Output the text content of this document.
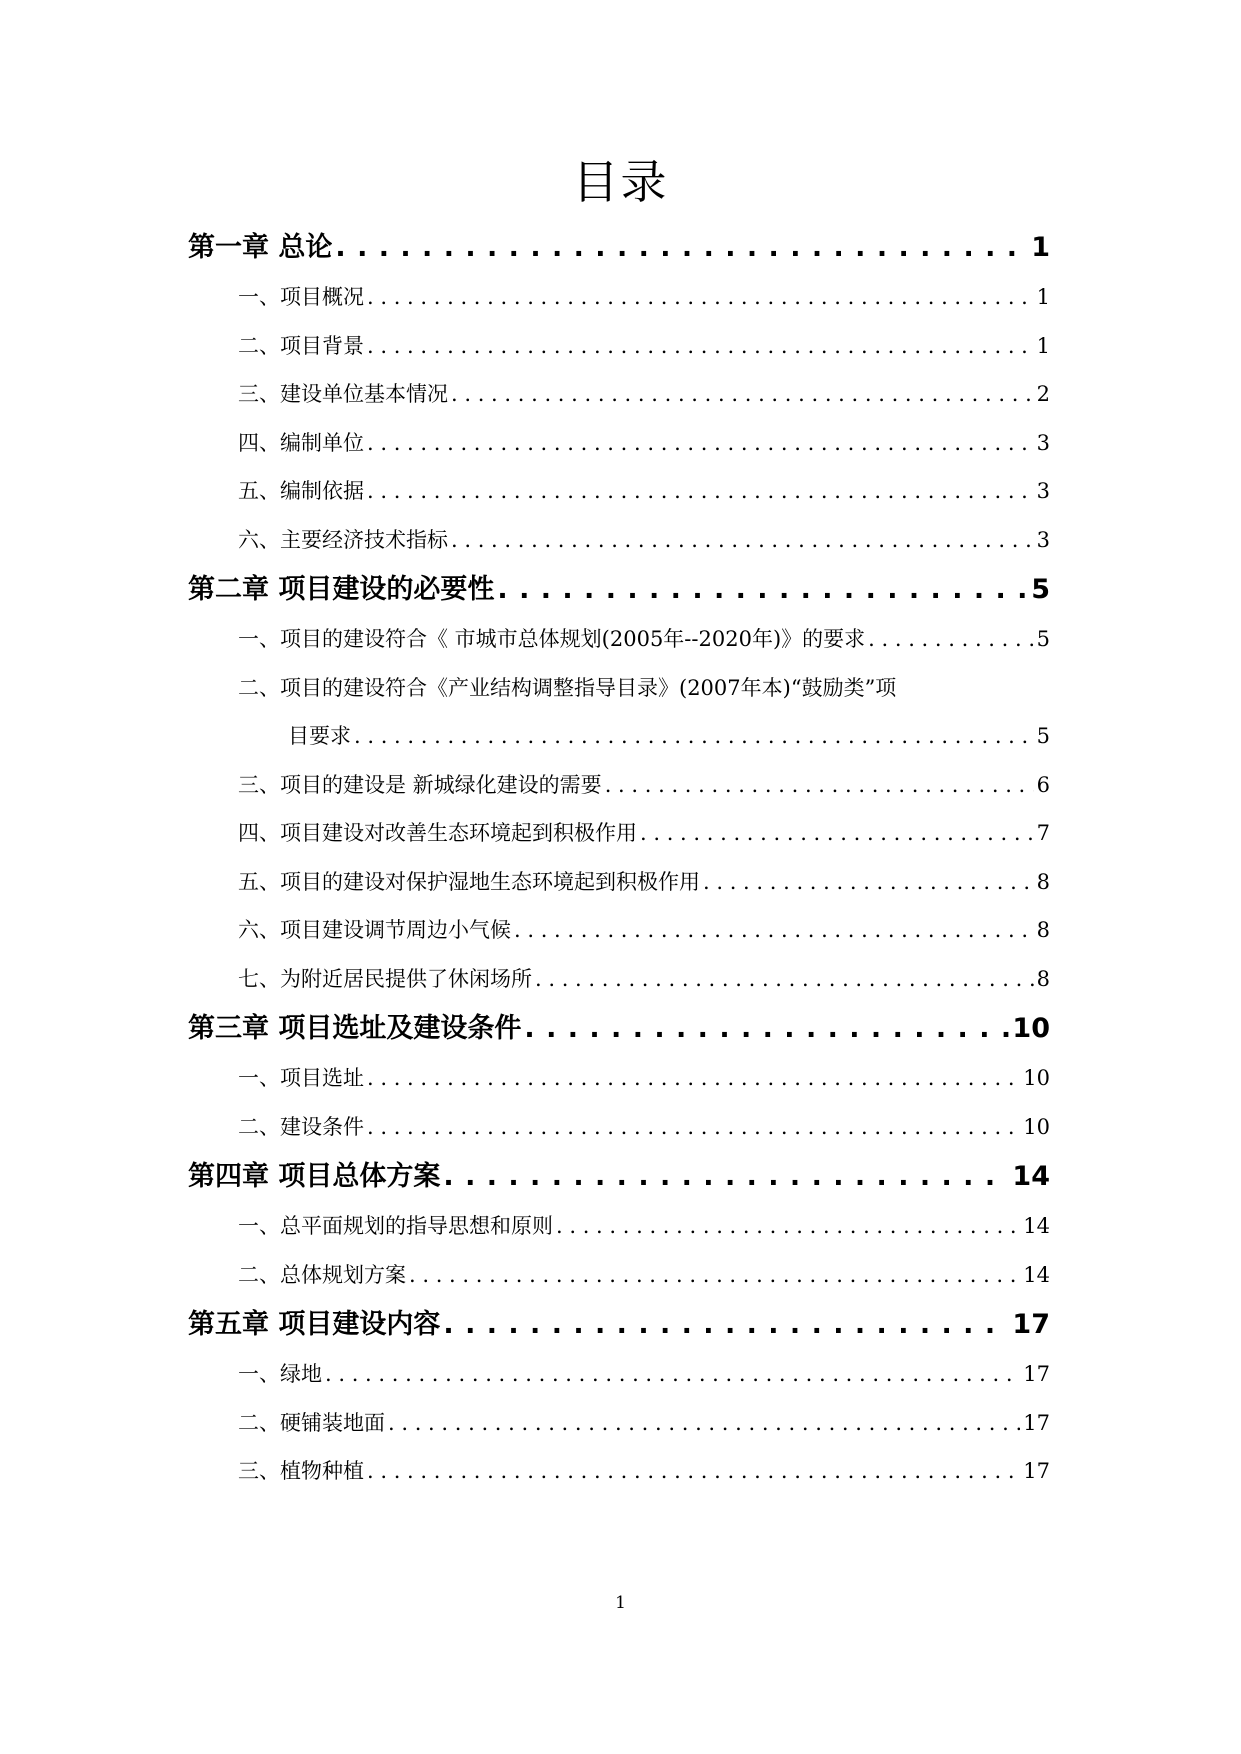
目录
第一章 总论 . . .	1
一、项目概况 . . .	1
二、项目背景 . . .	1
三、建设单位基本情况 . . .	2
四、编制单位 . . .	3
五、编制依据 . . .	3
六、主要经济技术指标 . . .	3
第二章 项目建设的必要性 . . .	5
一、项目的建设符合《 市城市总体规划(2005年--2020年)》的要求 . . .	5
二、项目的建设符合《产业结构调整指导目录》(2007年本)“鼓励类”项
目要求 . . .	5
三、项目的建设是 新城绿化建设的需要 . . .	6
四、项目建设对改善生态环境起到积极作用 . . .	7
五、项目的建设对保护湿地生态环境起到积极作用 . . .	8
六、项目建设调节周边小气候 . . .	8
七、为附近居民提供了休闲场所 . . .	8
第三章 项目选址及建设条件 . . .	10
一、项目选址 . . .	10
二、建设条件 . . .	10
第四章 项目总体方案 . . .	14
一、总平面规划的指导思想和原则 . . .	14
二、总体规划方案 . . .	14
第五章 项目建设内容 . . .	17
一、绿地 . . .	17
二、硬铺装地面 . . .	17
三、植物种植 . . .	17
1
